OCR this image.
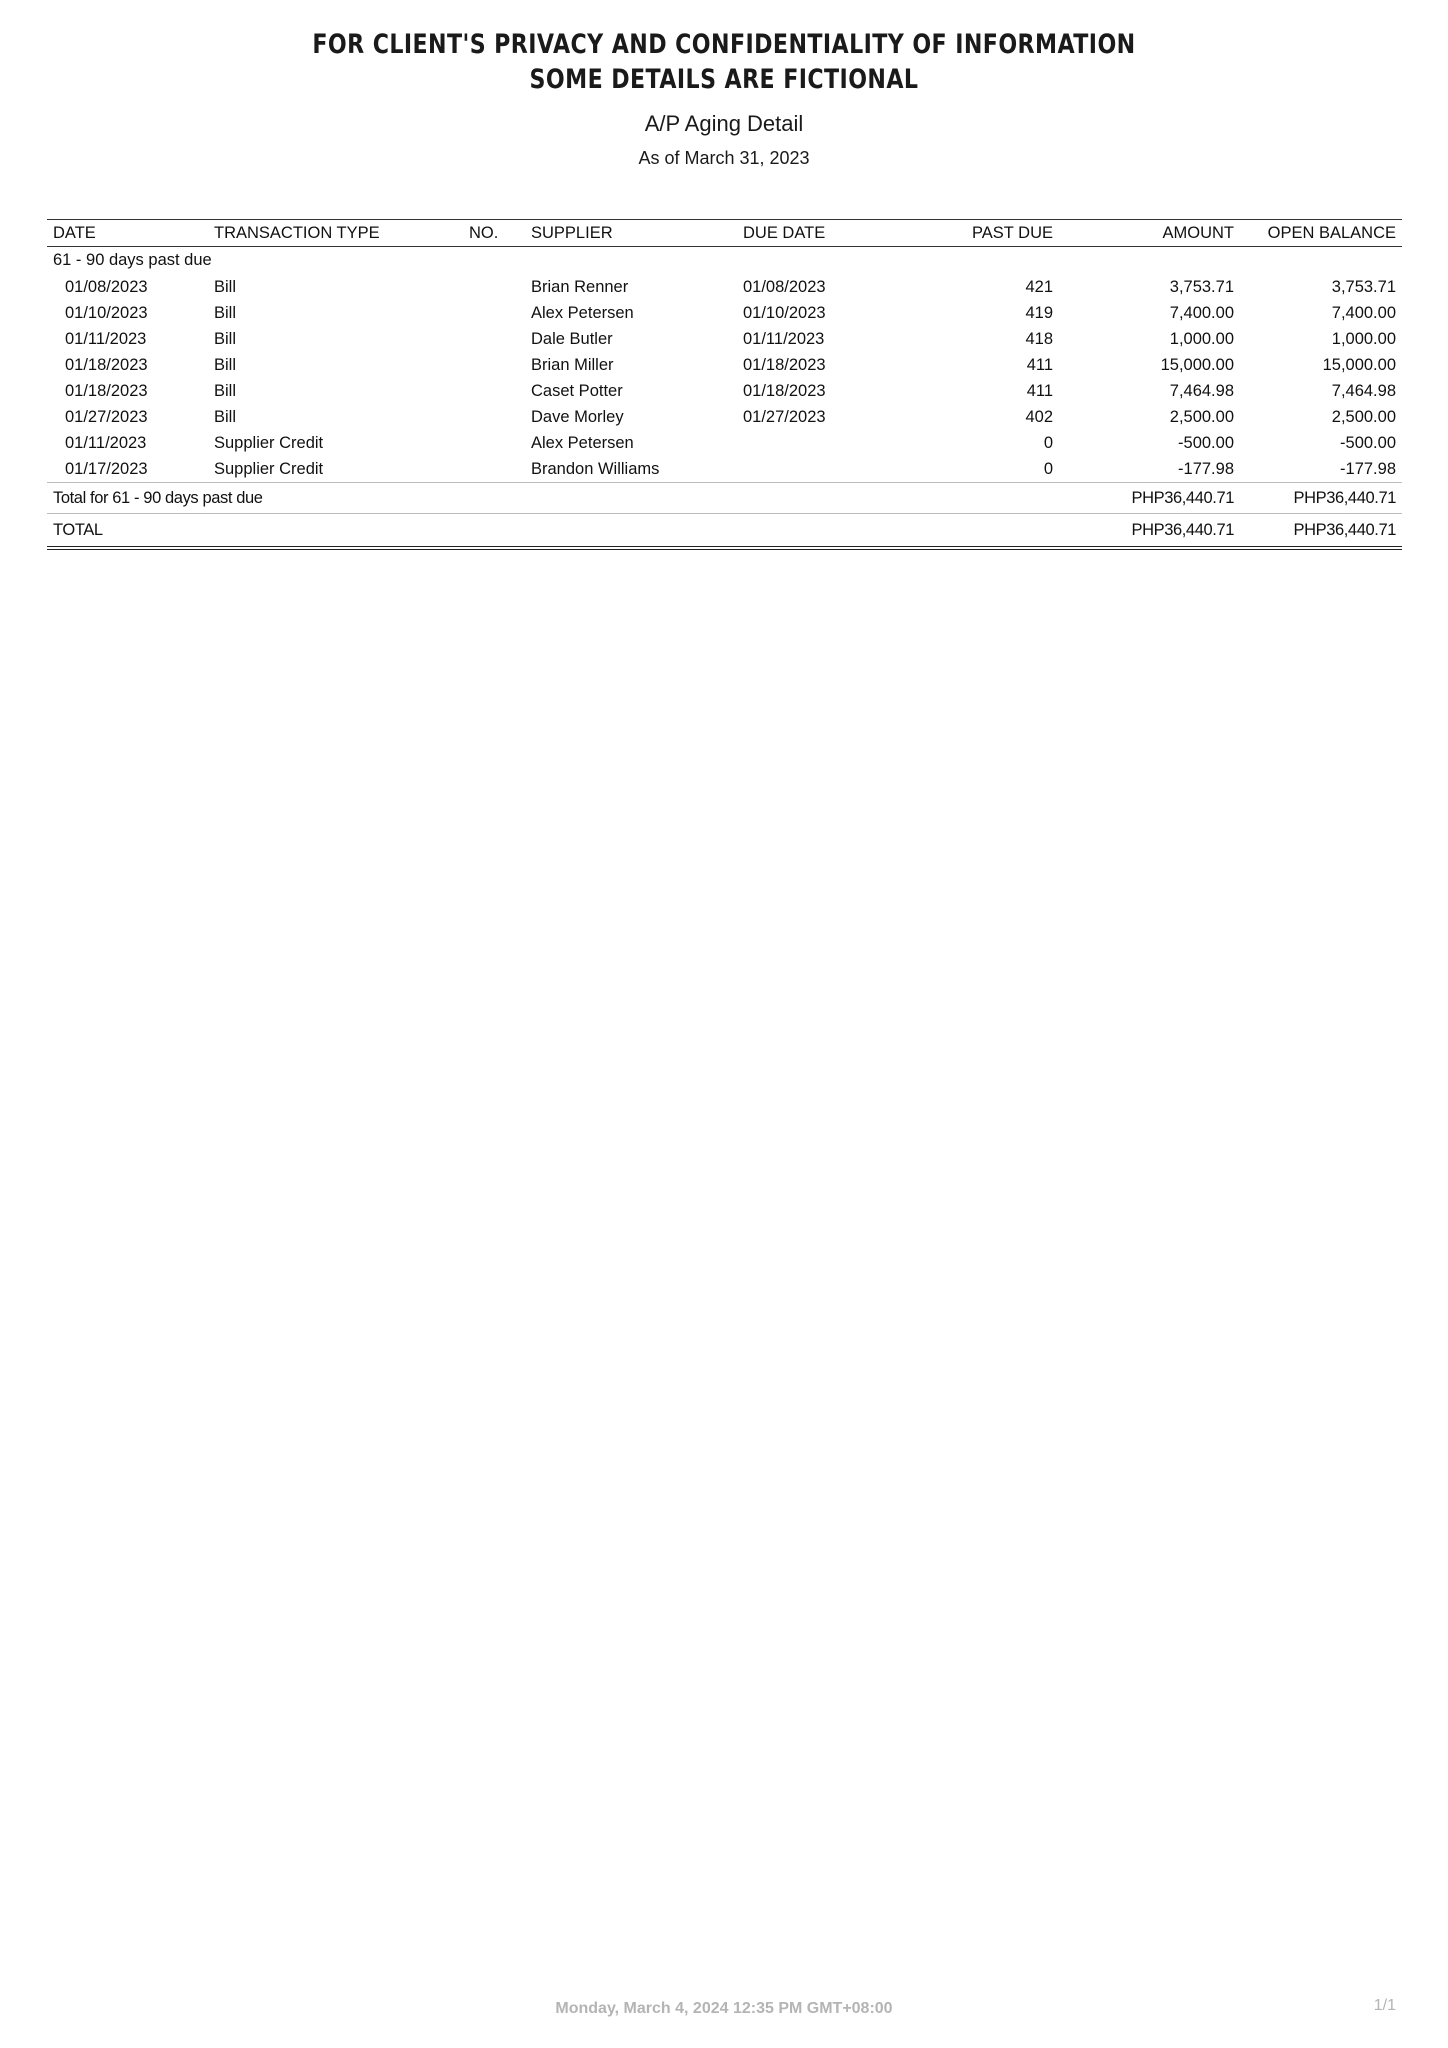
FOR CLIENT'S PRIVACY AND CONFIDENTIALITY OF INFORMATION
SOME DETAILS ARE FICTIONAL
A/P Aging Detail
As of March 31, 2023
DATE	TRANSACTION TYPE	NO.	SUPPLIER	DUE DATE	PAST DUE	AMOUNT	OPEN BALANCE
61 - 90 days past due							
01/08/2023	Bill		Brian Renner	01/08/2023	421	3,753.71	3,753.71
01/10/2023	Bill		Alex Petersen	01/10/2023	419	7,400.00	7,400.00
01/11/2023	Bill		Dale Butler	01/11/2023	418	1,000.00	1,000.00
01/18/2023	Bill		Brian Miller	01/18/2023	411	15,000.00	15,000.00
01/18/2023	Bill		Caset Potter	01/18/2023	411	7,464.98	7,464.98
01/27/2023	Bill		Dave Morley	01/27/2023	402	2,500.00	2,500.00
01/11/2023	Supplier Credit		Alex Petersen		0	-500.00	-500.00
01/17/2023	Supplier Credit		Brandon Williams		0	-177.98	-177.98
Total for 61 - 90 days past due						PHP36,440.71	PHP36,440.71
TOTAL						PHP36,440.71	PHP36,440.71
Monday, March 4, 2024 12:35 PM GMT+08:00	1/1
